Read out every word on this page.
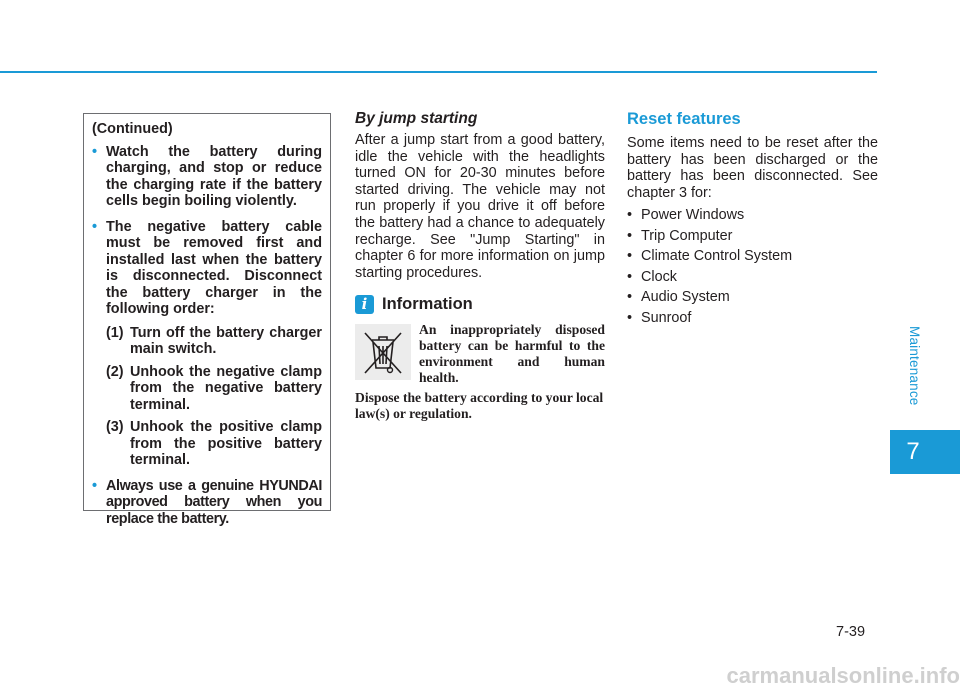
(Continued)
• Watch the battery during charging, and stop or reduce the charging rate if the battery cells begin boiling violently.
• The negative battery cable must be removed first and installed last when the battery is disconnected. Disconnect the battery charger in the following order:
(1) Turn off the battery charger main switch.
(2) Unhook the negative clamp from the negative battery terminal.
(3) Unhook the positive clamp from the positive battery terminal.
• Always use a genuine HYUNDAI approved battery when you replace the battery.
By jump starting

After a jump start from a good battery, idle the vehicle with the headlights turned ON for 20-30 minutes before started driving. The vehicle may not run properly if you drive it off before the battery had a chance to adequately recharge. See "Jump Starting" in chapter 6 for more information on jump starting procedures.

i Information
An inappropriately disposed battery can be harmful to the environment and human health.
Dispose the battery according to your local law(s) or regulation.
Reset features

Some items need to be reset after the battery has been discharged or the battery has been disconnected. See chapter 3 for:

• Power Windows
• Trip Computer
• Climate Control System
• Clock
• Audio System
• Sunroof
Maintenance
7
7-39
carmanualsonline.info
